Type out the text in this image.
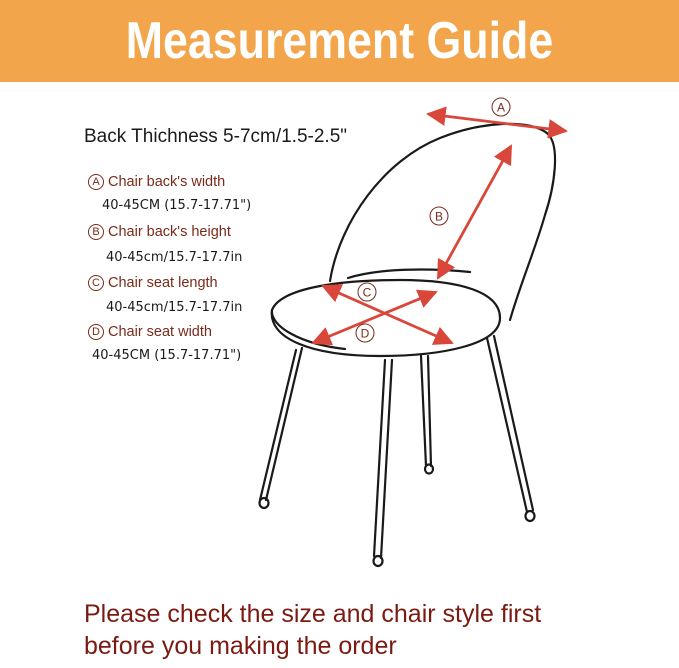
Measurement Guide
Back Thichness 5-7cm/1.5-2.5"
A Chair back's width
40-45CM (15.7-17.71")
B Chair back's height
40-45cm/15.7-17.7in
C Chair seat length
40-45cm/15.7-17.7in
D Chair seat width
40-45CM (15.7-17.71")
A
B
C
D
Please check the size and chair style first
before you making the order
